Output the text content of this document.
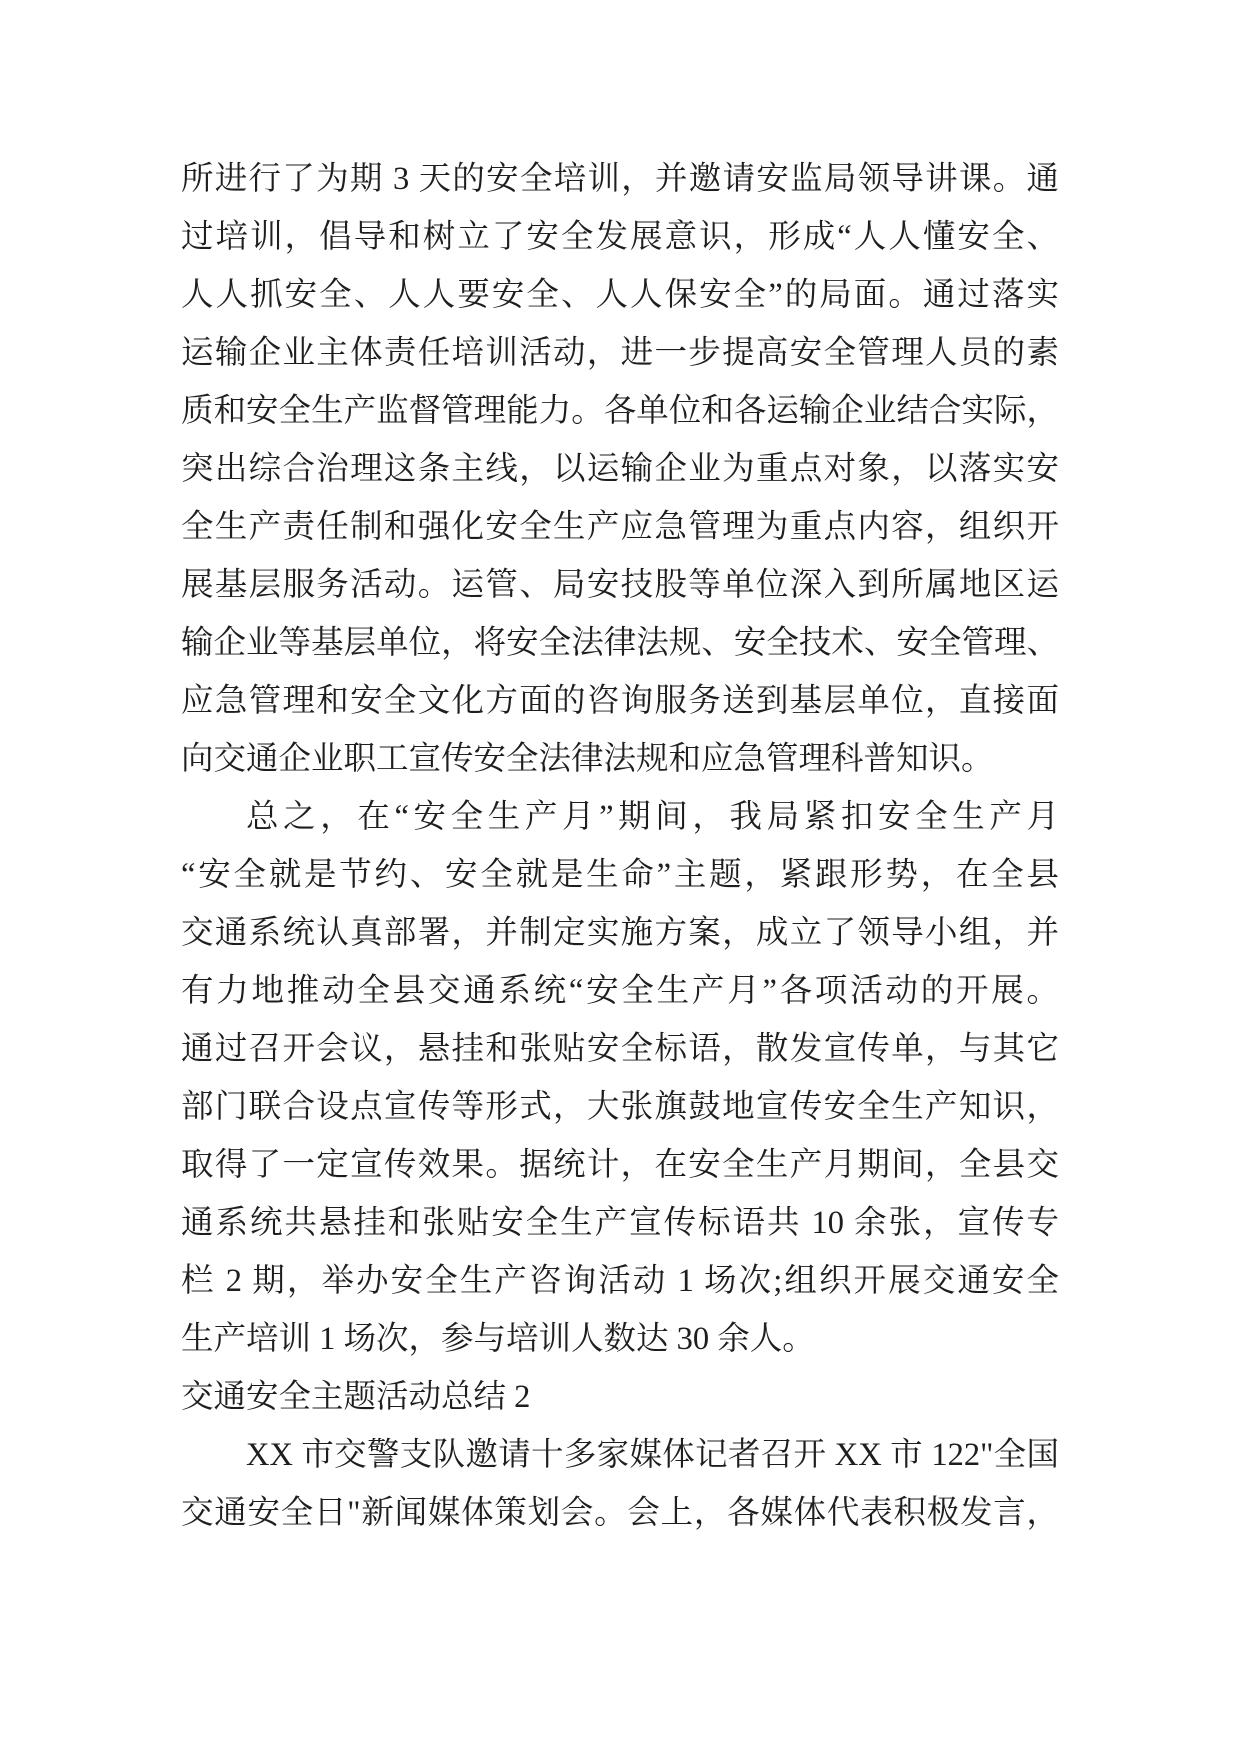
所进行了为期 3 天的安全培训，并邀请安监局领导讲课。通
过培训，倡导和树立了安全发展意识，形成“人人懂安全、
人人抓安全、人人要安全、人人保安全”的局面。通过落实
运输企业主体责任培训活动，进一步提高安全管理人员的素
质和安全生产监督管理能力。各单位和各运输企业结合实际，
突出综合治理这条主线，以运输企业为重点对象，以落实安
全生产责任制和强化安全生产应急管理为重点内容，组织开
展基层服务活动。运管、局安技股等单位深入到所属地区运
输企业等基层单位，将安全法律法规、安全技术、安全管理、
应急管理和安全文化方面的咨询服务送到基层单位，直接面
向交通企业职工宣传安全法律法规和应急管理科普知识。
总之，在“安全生产月”期间，我局紧扣安全生产月
“安全就是节约、安全就是生命”主题，紧跟形势，在全县
交通系统认真部署，并制定实施方案，成立了领导小组，并
有力地推动全县交通系统“安全生产月”各项活动的开展。
通过召开会议，悬挂和张贴安全标语，散发宣传单，与其它
部门联合设点宣传等形式，大张旗鼓地宣传安全生产知识，
取得了一定宣传效果。据统计，在安全生产月期间，全县交
通系统共悬挂和张贴安全生产宣传标语共 10 余张，宣传专
栏 2 期，举办安全生产咨询活动 1 场次;组织开展交通安全
生产培训 1 场次，参与培训人数达 30 余人。
交通安全主题活动总结 2
XX 市交警支队邀请十多家媒体记者召开 XX 市 122"全国
交通安全日"新闻媒体策划会。会上，各媒体代表积极发言，
